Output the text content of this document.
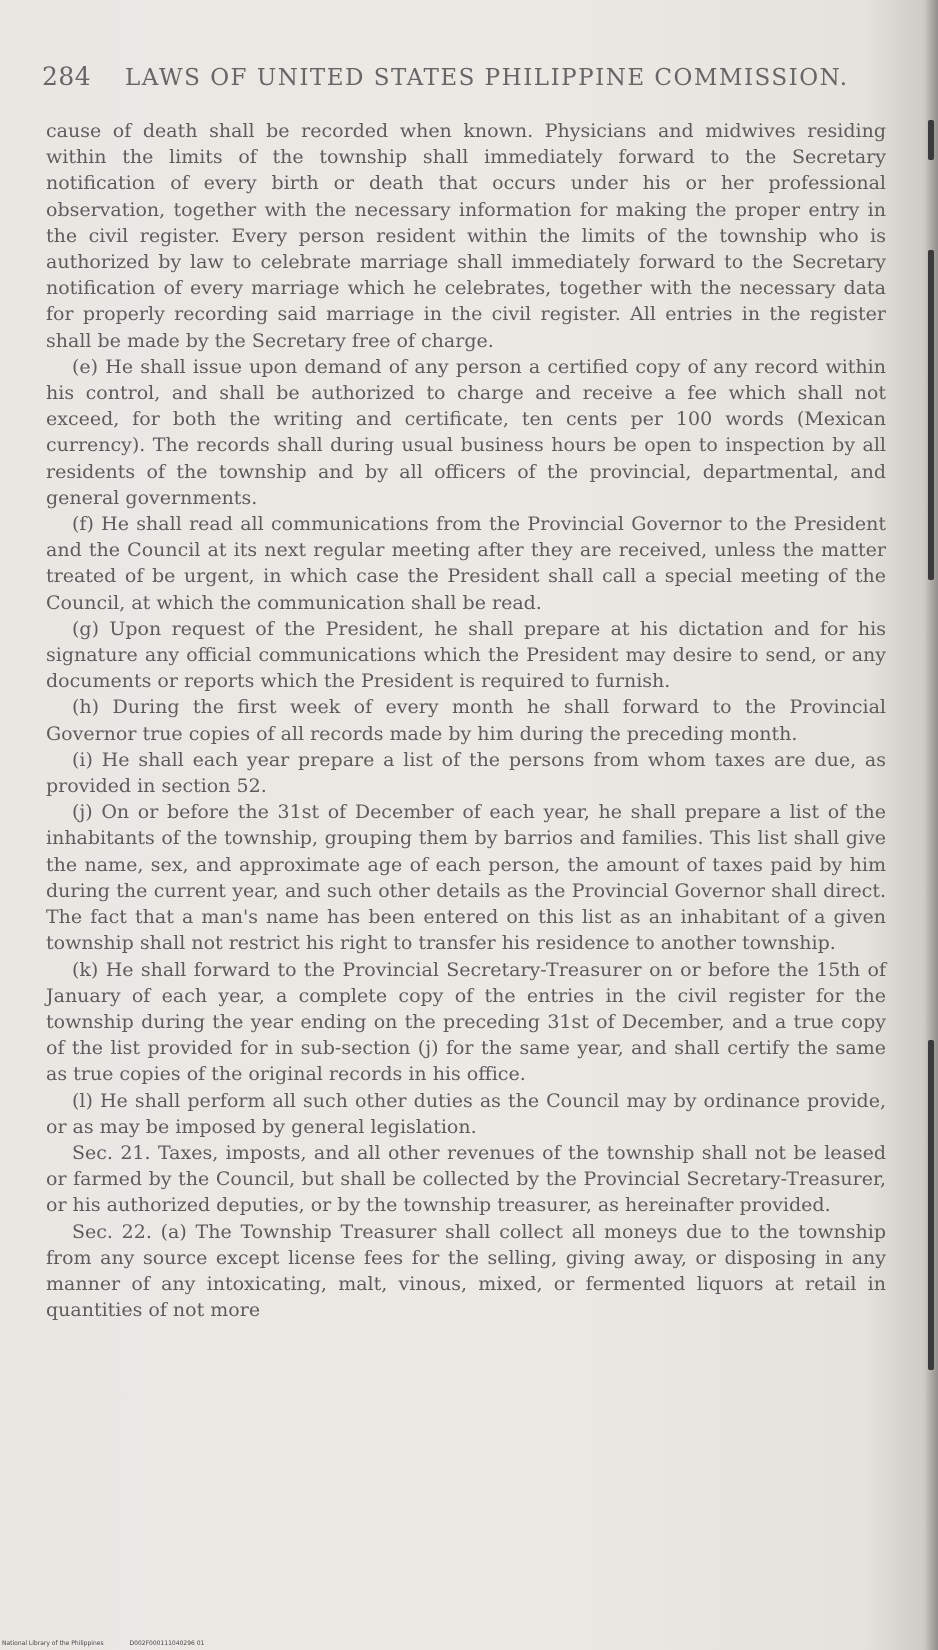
284 LAWS OF UNITED STATES PHILIPPINE COMMISSION.

cause of death shall be recorded when known. Physicians and midwives residing within the limits of the township shall immediately forward to the Secretary notification of every birth or death that occurs under his or her professional observation, together with the necessary information for making the proper entry in the civil register. Every person resident within the limits of the township who is authorized by law to celebrate marriage shall immediately forward to the Secretary notification of every marriage which he celebrates, together with the necessary data for properly recording said marriage in the civil register. All entries in the register shall be made by the Secretary free of charge.

(e) He shall issue upon demand of any person a certified copy of any record within his control, and shall be authorized to charge and receive a fee which shall not exceed, for both the writing and certificate, ten cents per 100 words (Mexican currency). The records shall during usual business hours be open to inspection by all residents of the township and by all officers of the provincial, departmental, and general governments.

(f) He shall read all communications from the Provincial Governor to the President and the Council at its next regular meeting after they are received, unless the matter treated of be urgent, in which case the President shall call a special meeting of the Council, at which the communication shall be read.

(g) Upon request of the President, he shall prepare at his dictation and for his signature any official communications which the President may desire to send, or any documents or reports which the President is required to furnish.

(h) During the first week of every month he shall forward to the Provincial Governor true copies of all records made by him during the preceding month.

(i) He shall each year prepare a list of the persons from whom taxes are due, as provided in section 52.

(j) On or before the 31st of December of each year, he shall prepare a list of the inhabitants of the township, grouping them by barrios and families. This list shall give the name, sex, and approximate age of each person, the amount of taxes paid by him during the current year, and such other details as the Provincial Governor shall direct. The fact that a man's name has been entered on this list as an inhabitant of a given township shall not restrict his right to transfer his residence to another township.

(k) He shall forward to the Provincial Secretary-Treasurer on or before the 15th of January of each year, a complete copy of the entries in the civil register for the township during the year ending on the preceding 31st of December, and a true copy of the list provided for in sub-section (j) for the same year, and shall certify the same as true copies of the original records in his office.

(l) He shall perform all such other duties as the Council may by ordinance provide, or as may be imposed by general legislation.

Sec. 21. Taxes, imposts, and all other revenues of the township shall not be leased or farmed by the Council, but shall be collected by the Provincial Secretary-Treasurer, or his authorized deputies, or by the township treasurer, as hereinafter provided.

Sec. 22. (a) The Township Treasurer shall collect all moneys due to the township from any source except license fees for the selling, giving away, or disposing in any manner of any intoxicating, malt, vinous, mixed, or fermented liquors at retail in quantities of not more

National Library of the Philippines	D002F000111040296 01
